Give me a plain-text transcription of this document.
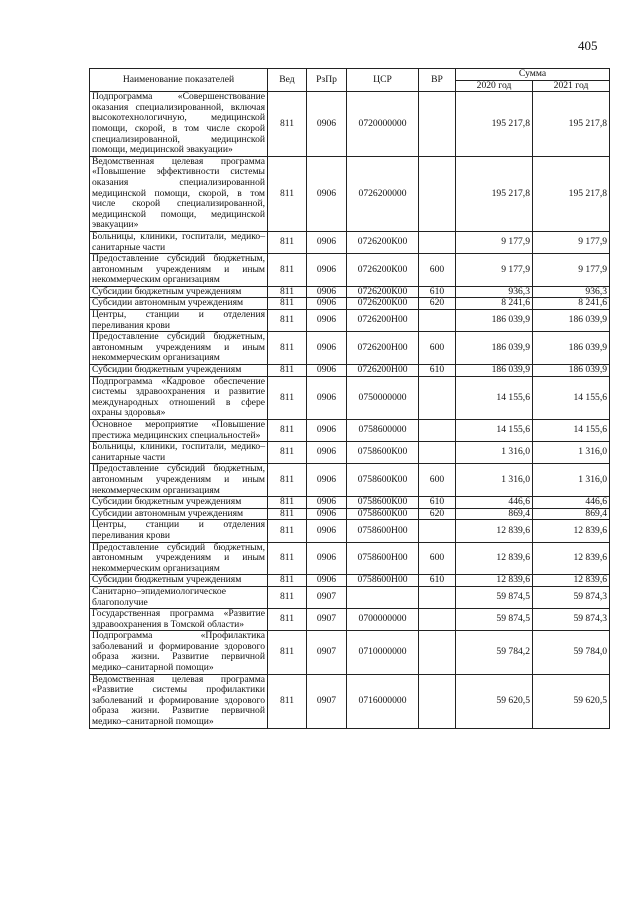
405
Наименование показателей	Вед	РзПр	ЦСР	ВР	Сумма	
					2020 год	2021 год
Подпрограмма «Совершенствование оказания специализированной, включая высокотехнологичную, медицинской помощи, скорой, в том числе скорой специализированной, медицинской помощи, медицинской эвакуации»	811	0906	0720000000		195 217,8	195 217,8
Ведомственная целевая программа «Повышение эффективности системы оказания специализированной медицинской помощи, скорой, в том числе скорой специализированной, медицинской помощи, медицинской эвакуации»	811	0906	0726200000		195 217,8	195 217,8
Больницы, клиники, госпитали, медико–санитарные части	811	0906	0726200К00		9 177,9	9 177,9
Предоставление субсидий бюджетным, автономным учреждениям и иным некоммерческим организациям	811	0906	0726200К00	600	9 177,9	9 177,9
Субсидии бюджетным учреждениям	811	0906	0726200К00	610	936,3	936,3
Субсидии автономным учреждениям	811	0906	0726200К00	620	8 241,6	8 241,6
Центры, станции и отделения переливания крови	811	0906	0726200Н00		186 039,9	186 039,9
Предоставление субсидий бюджетным, автономным учреждениям и иным некоммерческим организациям	811	0906	0726200Н00	600	186 039,9	186 039,9
Субсидии бюджетным учреждениям	811	0906	0726200Н00	610	186 039,9	186 039,9
Подпрограмма «Кадровое обеспечение системы здравоохранения и развитие международных отношений в сфере охраны здоровья»	811	0906	0750000000		14 155,6	14 155,6
Основное мероприятие «Повышение престижа медицинских специальностей»	811	0906	0758600000		14 155,6	14 155,6
Больницы, клиники, госпитали, медико–санитарные части	811	0906	0758600К00		1 316,0	1 316,0
Предоставление субсидий бюджетным, автономным учреждениям и иным некоммерческим организациям	811	0906	0758600К00	600	1 316,0	1 316,0
Субсидии бюджетным учреждениям	811	0906	0758600К00	610	446,6	446,6
Субсидии автономным учреждениям	811	0906	0758600К00	620	869,4	869,4
Центры, станции и отделения переливания крови	811	0906	0758600Н00		12 839,6	12 839,6
Предоставление субсидий бюджетным, автономным учреждениям и иным некоммерческим организациям	811	0906	0758600Н00	600	12 839,6	12 839,6
Субсидии бюджетным учреждениям	811	0906	0758600Н00	610	12 839,6	12 839,6
Санитарно–эпидемиологическое благополучие	811	0907			59 874,5	59 874,3
Государственная программа «Развитие здравоохранения в Томской области»	811	0907	0700000000		59 874,5	59 874,3
Подпрограмма «Профилактика заболеваний и формирование здорового образа жизни. Развитие первичной медико–санитарной помощи»	811	0907	0710000000		59 784,2	59 784,0
Ведомственная целевая программа «Развитие системы профилактики заболеваний и формирование здорового образа жизни. Развитие первичной медико–санитарной помощи»	811	0907	0716000000		59 620,5	59 620,5
